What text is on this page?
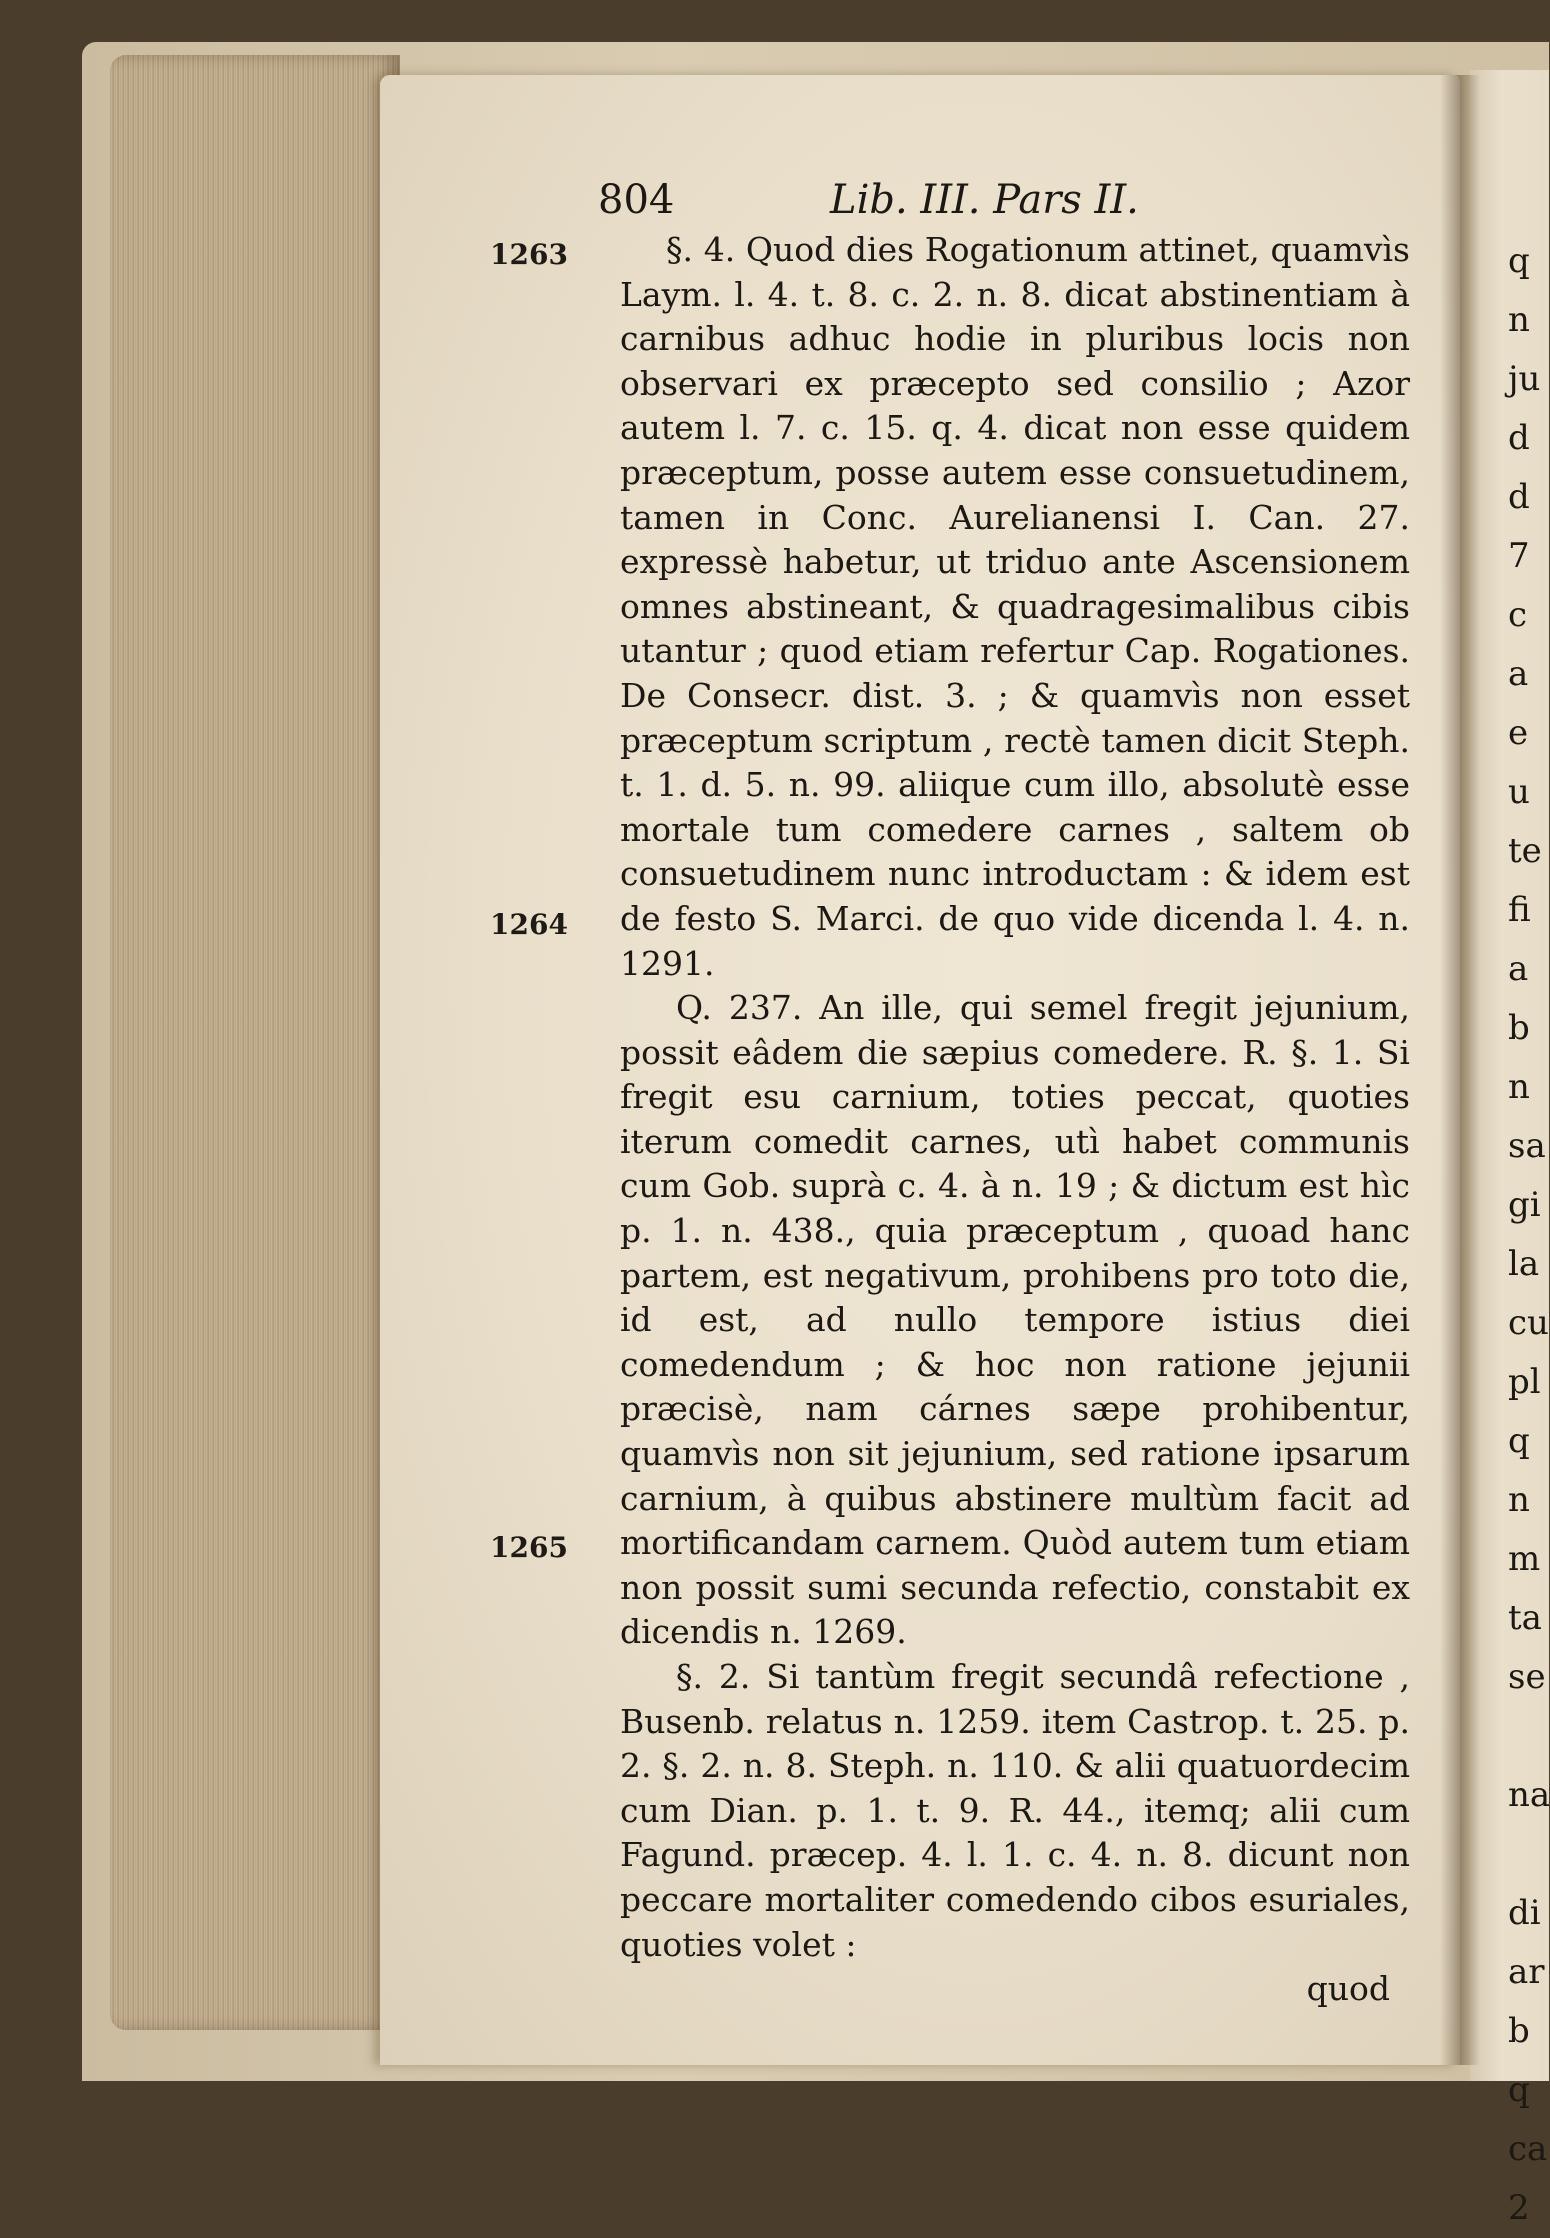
804	Lib. III. Pars II.
1263
1264
1265

§. 4. Quod dies Rogationum attinet, quamvìs Laym. l. 4. t. 8. c. 2. n. 8. dicat abstinentiam à carnibus adhuc hodie in pluribus locis non observari ex præcepto sed consilio ; Azor autem l. 7. c. 15. q. 4. dicat non esse quidem præceptum, posse autem esse consuetudinem, tamen in Conc. Aurelianensi I. Can. 27. expressè habetur, ut triduo ante Ascensionem omnes abstineant, & quadragesimalibus cibis utantur ; quod etiam refertur Cap. Rogationes. De Consecr. dist. 3. ; & quamvìs non esset præceptum scriptum , rectè tamen dicit Steph. t. 1. d. 5. n. 99. aliique cum illo, absolutè esse mortale tum comedere carnes , saltem ob consuetudinem nunc introductam : & idem est de festo S. Marci. de quo vide dicenda l. 4. n. 1291.

Q. 237. An ille, qui semel fregit jejunium, possit eâdem die sæpius comedere. R. §. 1. Si fregit esu carnium, toties peccat, quoties iterum comedit carnes, utì habet communis cum Gob. suprà c. 4. à n. 19 ; & dictum est hìc p. 1. n. 438., quia præceptum , quoad hanc partem, est negativum, prohibens pro toto die, id est, ad nullo tempore istius diei comedendum ; & hoc non ratione jejunii præcisè, nam cárnes sæpe prohibentur, quamvìs non sit jejunium, sed ratione ipsarum carnium, à quibus abstinere multùm facit ad mortificandam carnem. Quòd autem tum etiam non possit sumi secunda refectio, constabit ex dicendis n. 1269.

§. 2. Si tantùm fregit secundâ refectione , Busenb. relatus n. 1259. item Castrop. t. 25. p. 2. §. 2. n. 8. Steph. n. 110. & alii quatuordecim cum Dian. p. 1. t. 9. R. 44., itemq; alii cum Fagund. præcep. 4. l. 1. c. 4. n. 8. dicunt non peccare mortaliter comedendo cibos esuriales, quoties volet :

quod
q
n
ju
d
d
7
c
a
e
u
te
fi
a
b
n
sa
gi
la
cu
pl
q
n
m
ta
se
na
di
ar
b
q
ca
2
